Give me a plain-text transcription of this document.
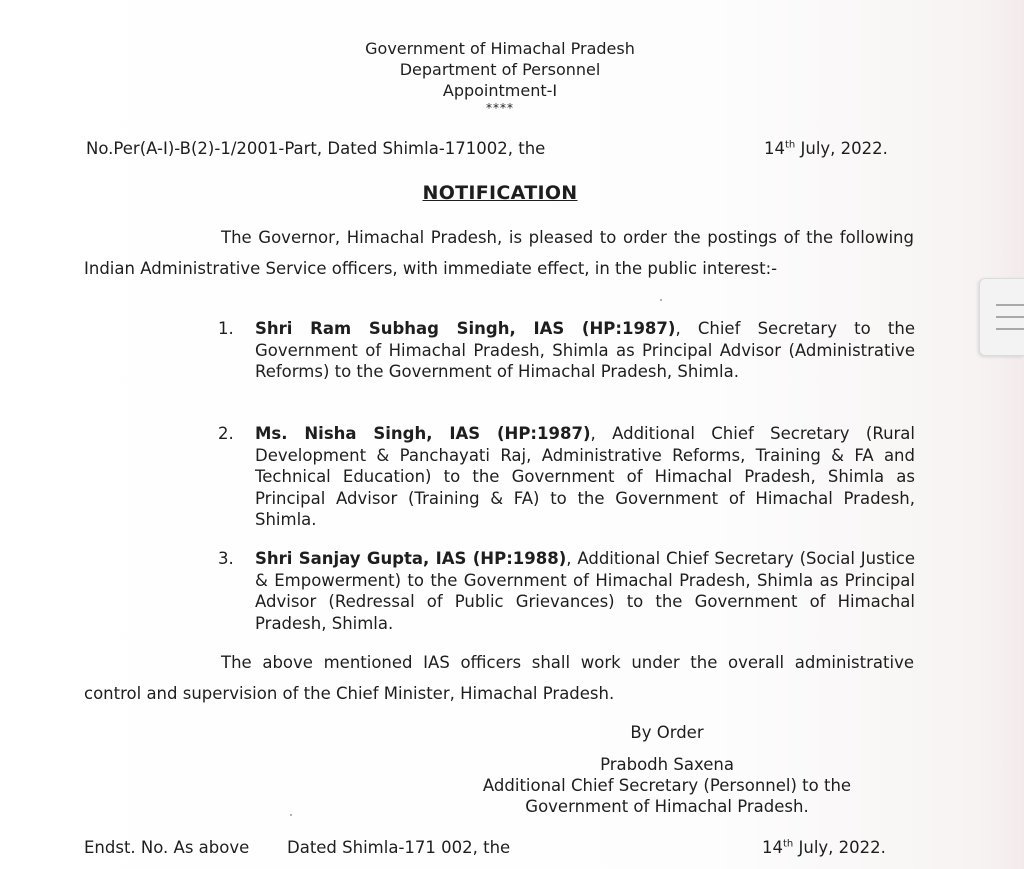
Government of Himachal Pradesh
Department of Personnel
Appointment-I
****
No.Per(A-I)-B(2)-1/2001-Part, Dated Shimla-171002, the	14th July, 2022.
NOTIFICATION
The Governor, Himachal Pradesh, is pleased to order the postings of the following Indian Administrative Service officers, with immediate effect, in the public interest:-
1.	Shri Ram Subhag Singh, IAS (HP:1987), Chief Secretary to the Government of Himachal Pradesh, Shimla as Principal Advisor (Administrative Reforms) to the Government of Himachal Pradesh, Shimla.
2.	Ms. Nisha Singh, IAS (HP:1987), Additional Chief Secretary (Rural Development & Panchayati Raj, Administrative Reforms, Training & FA and Technical Education) to the Government of Himachal Pradesh, Shimla as Principal Advisor (Training & FA) to the Government of Himachal Pradesh, Shimla.
3.	Shri Sanjay Gupta, IAS (HP:1988), Additional Chief Secretary (Social Justice & Empowerment) to the Government of Himachal Pradesh, Shimla as Principal Advisor (Redressal of Public Grievances) to the Government of Himachal Pradesh, Shimla.
The above mentioned IAS officers shall work under the overall administrative control and supervision of the Chief Minister, Himachal Pradesh.
By Order
Prabodh Saxena
Additional Chief Secretary (Personnel) to the
Government of Himachal Pradesh.
Endst. No. As above Dated Shimla-171 002, the	14th July, 2022.
